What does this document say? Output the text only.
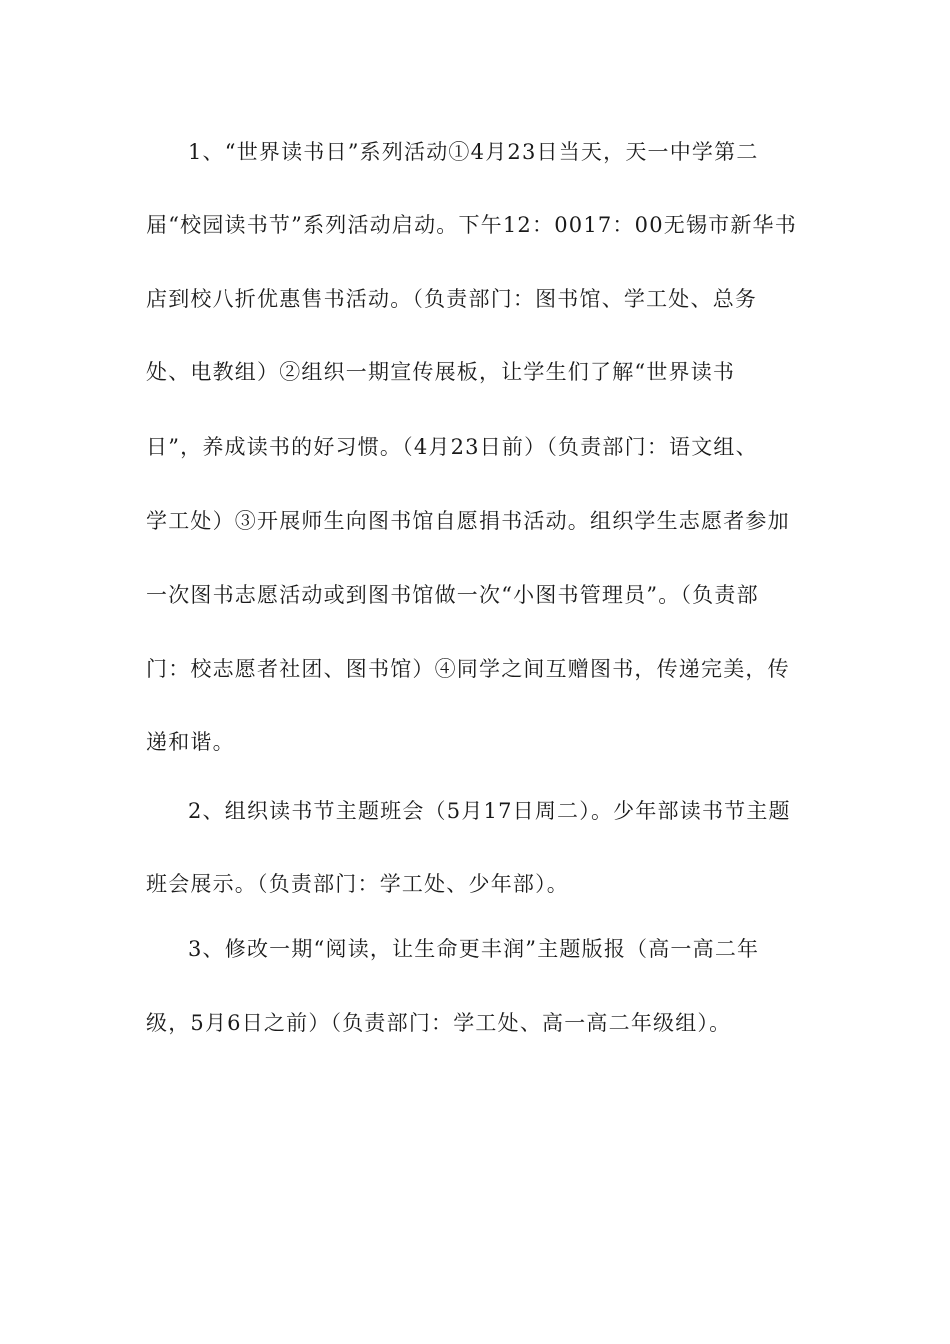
1、“世界读书日”系列活动①4月23日当天，天一中学第二
届“校园读书节”系列活动启动。下午12：0017：00无锡市新华书
店到校八折优惠售书活动。（负责部门：图书馆、学工处、总务
处、电教组）②组织一期宣传展板，让学生们了解“世界读书
日”，养成读书的好习惯。（4月23日前）（负责部门：语文组、
学工处）③开展师生向图书馆自愿捐书活动。组织学生志愿者参加
一次图书志愿活动或到图书馆做一次“小图书管理员”。（负责部
门：校志愿者社团、图书馆）④同学之间互赠图书，传递完美，传
递和谐。
2、组织读书节主题班会（5月17日周二）。少年部读书节主题
班会展示。（负责部门：学工处、少年部）。
3、修改一期“阅读，让生命更丰润”主题版报（高一高二年
级，5月6日之前）（负责部门：学工处、高一高二年级组）。
